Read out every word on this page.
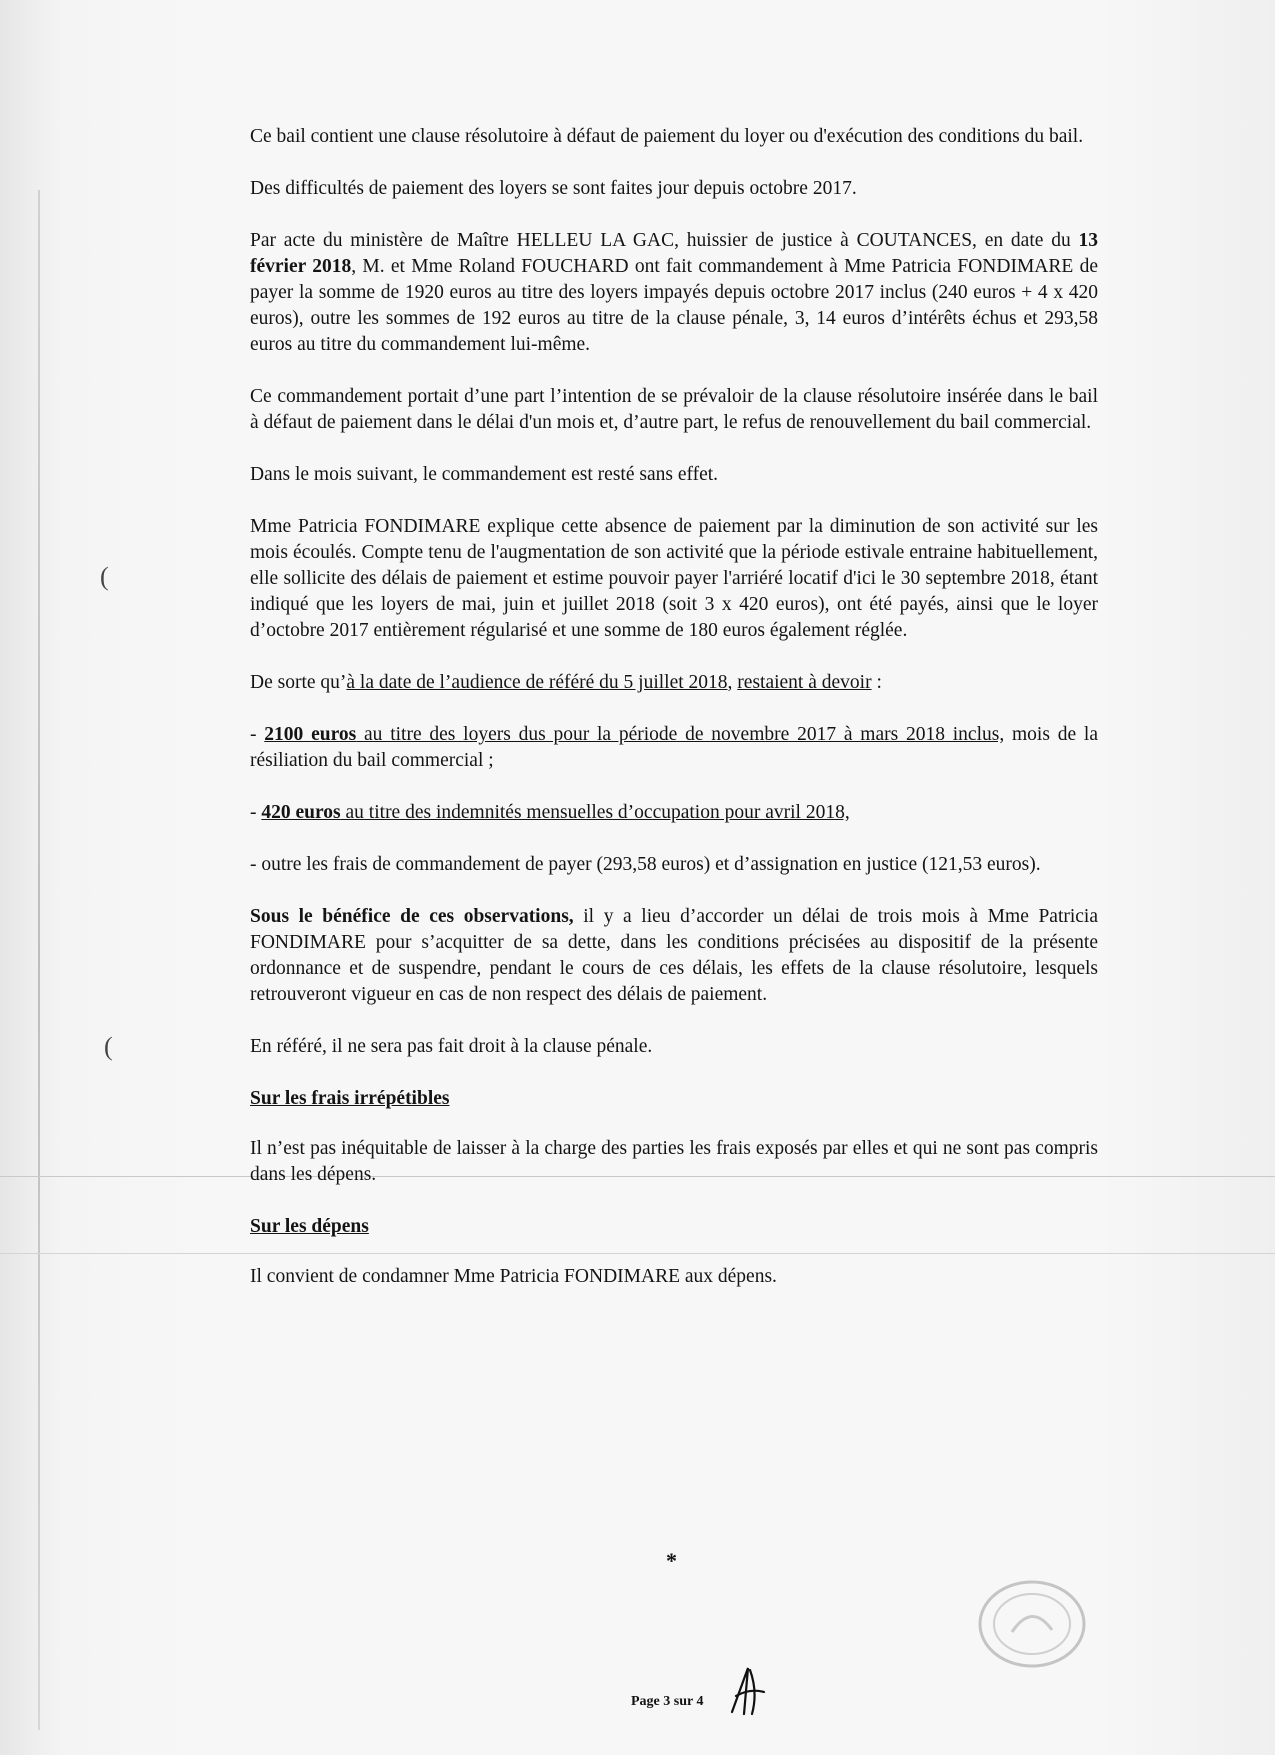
(
(

Ce bail contient une clause résolutoire à défaut de paiement du loyer ou d'exécution des conditions du bail.

Des difficultés de paiement des loyers se sont faites jour depuis octobre 2017.

Par acte du ministère de Maître HELLEU LA GAC, huissier de justice à COUTANCES, en date du 13 février 2018, M. et Mme Roland FOUCHARD ont fait commandement à Mme Patricia FONDIMARE de payer la somme de 1920 euros au titre des loyers impayés depuis octobre 2017 inclus (240 euros + 4 x 420 euros), outre les sommes de 192 euros au titre de la clause pénale, 3, 14 euros d’intérêts échus et 293,58 euros au titre du commandement lui-même.

Ce commandement portait d’une part l’intention de se prévaloir de la clause résolutoire insérée dans le bail à défaut de paiement dans le délai d'un mois et, d’autre part, le refus de renouvellement du bail commercial.

Dans le mois suivant, le commandement est resté sans effet.

Mme Patricia FONDIMARE explique cette absence de paiement par la diminution de son activité sur les mois écoulés. Compte tenu de l'augmentation de son activité que la période estivale entraine habituellement, elle sollicite des délais de paiement et estime pouvoir payer l'arriéré locatif d'ici le 30 septembre 2018, étant indiqué que les loyers de mai, juin et juillet 2018 (soit 3 x 420 euros), ont été payés, ainsi que le loyer d’octobre 2017 entièrement régularisé et une somme de 180 euros également réglée.

De sorte qu’à la date de l’audience de référé du 5 juillet 2018, restaient à devoir :

- 2100 euros au titre des loyers dus pour la période de novembre 2017 à mars 2018 inclus, mois de la résiliation du bail commercial ;

- 420 euros au titre des indemnités mensuelles d’occupation pour avril 2018,

- outre les frais de commandement de payer (293,58 euros) et d’assignation en justice (121,53 euros).

Sous le bénéfice de ces observations, il y a lieu d’accorder un délai de trois mois à Mme Patricia FONDIMARE pour s’acquitter de sa dette, dans les conditions précisées au dispositif de la présente ordonnance et de suspendre, pendant le cours de ces délais, les effets de la clause résolutoire, lesquels retrouveront vigueur en cas de non respect des délais de paiement.

En référé, il ne sera pas fait droit à la clause pénale.

Sur les frais irrépétibles

Il n’est pas inéquitable de laisser à la charge des parties les frais exposés par elles et qui ne sont pas compris dans les dépens.

Sur les dépens

Il convient de condamner Mme Patricia FONDIMARE aux dépens.

*
Page 3 sur 4
